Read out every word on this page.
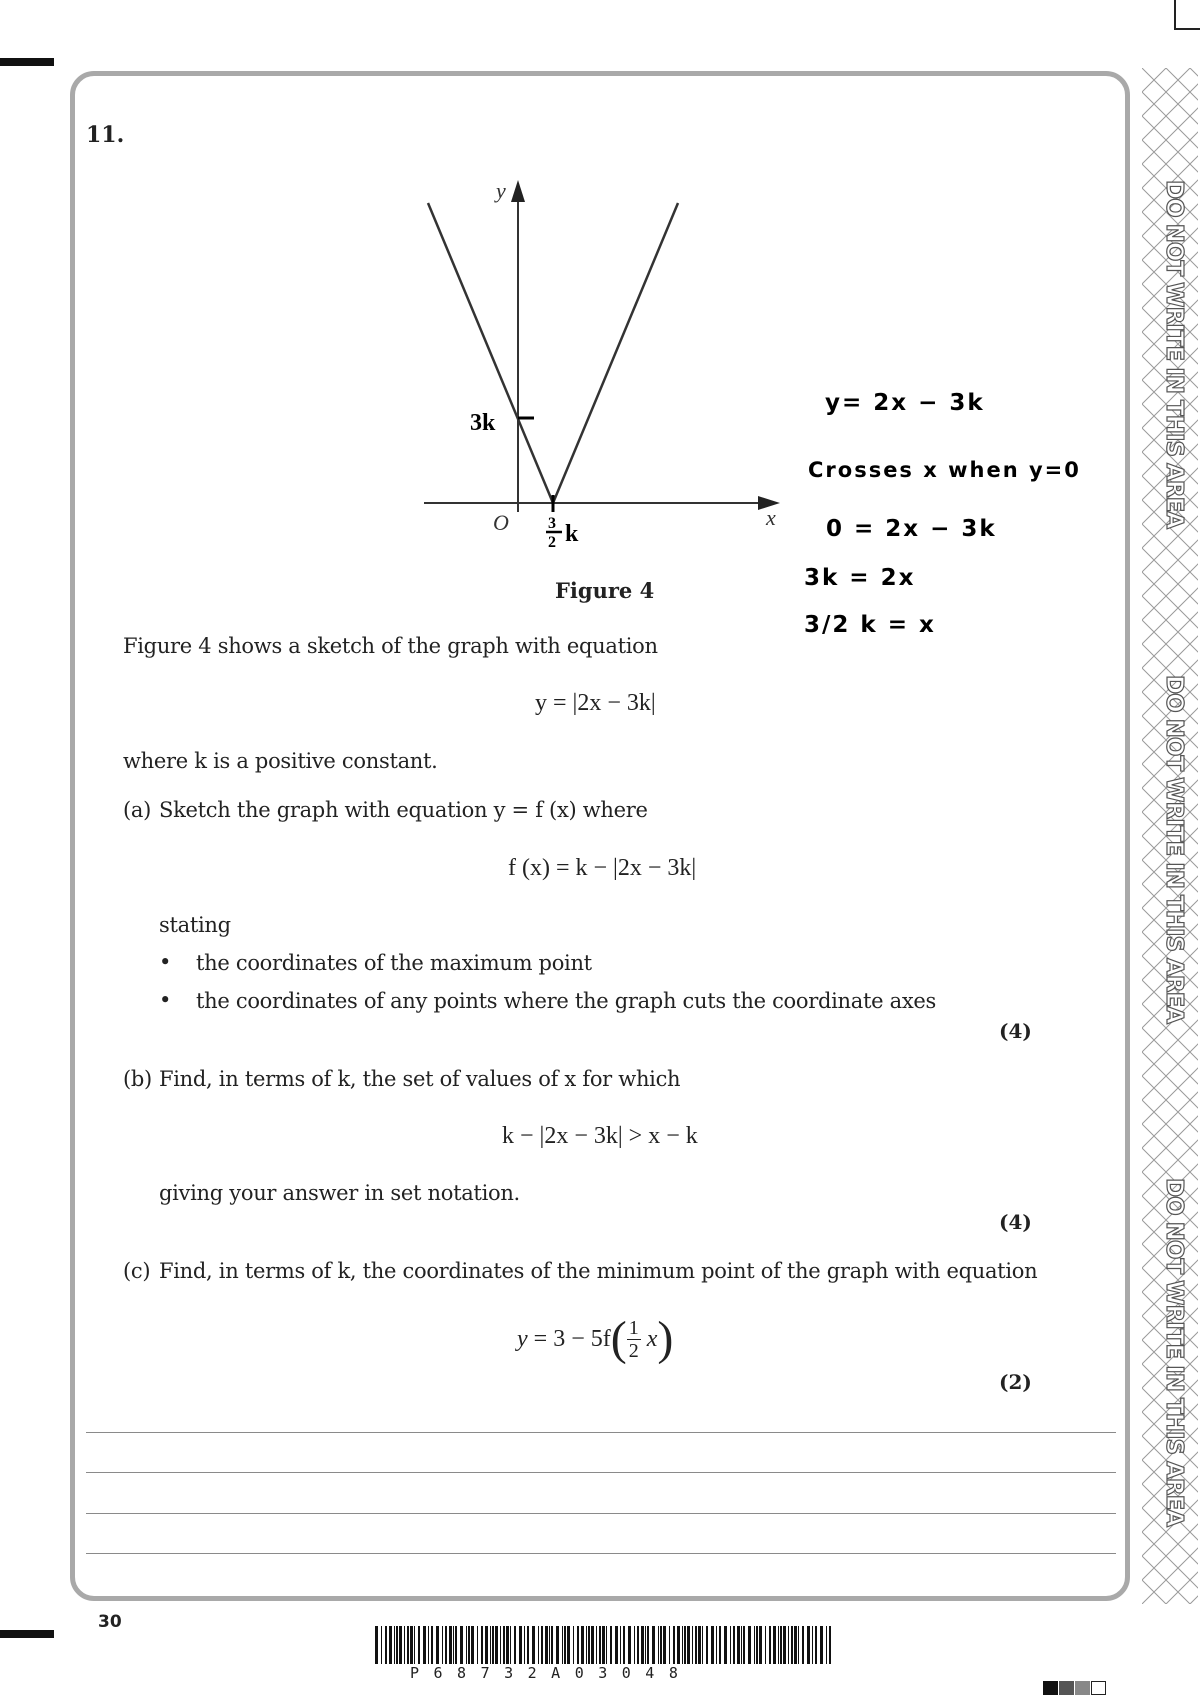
DO NOT WRITE IN THIS AREA
DO NOT WRITE IN THIS AREA
DO NOT WRITE IN THIS AREA
11.
y
x
O
3k
3
2 k
Figure 4
y= 2x − 3k
Crosses x when y=0
0 = 2x − 3k
3k = 2x
3/2 k = x
Figure 4 shows a sketch of the graph with equation
y = |2x − 3k|
where k is a positive constant.
(a) Sketch the graph with equation y = f (x) where
f (x) = k − |2x − 3k|
stating
• the coordinates of the maximum point
• the coordinates of any points where the graph cuts the coordinate axes
(4)
(b) Find, in terms of k, the set of values of x for which
k − |2x − 3k| > x − k
giving your answer in set notation.
(4)
(c) Find, in terms of k, the coordinates of the minimum point of the graph with equation
y = 3 − 5f ( 1
2 x )
(2)
30
P68732A03048
